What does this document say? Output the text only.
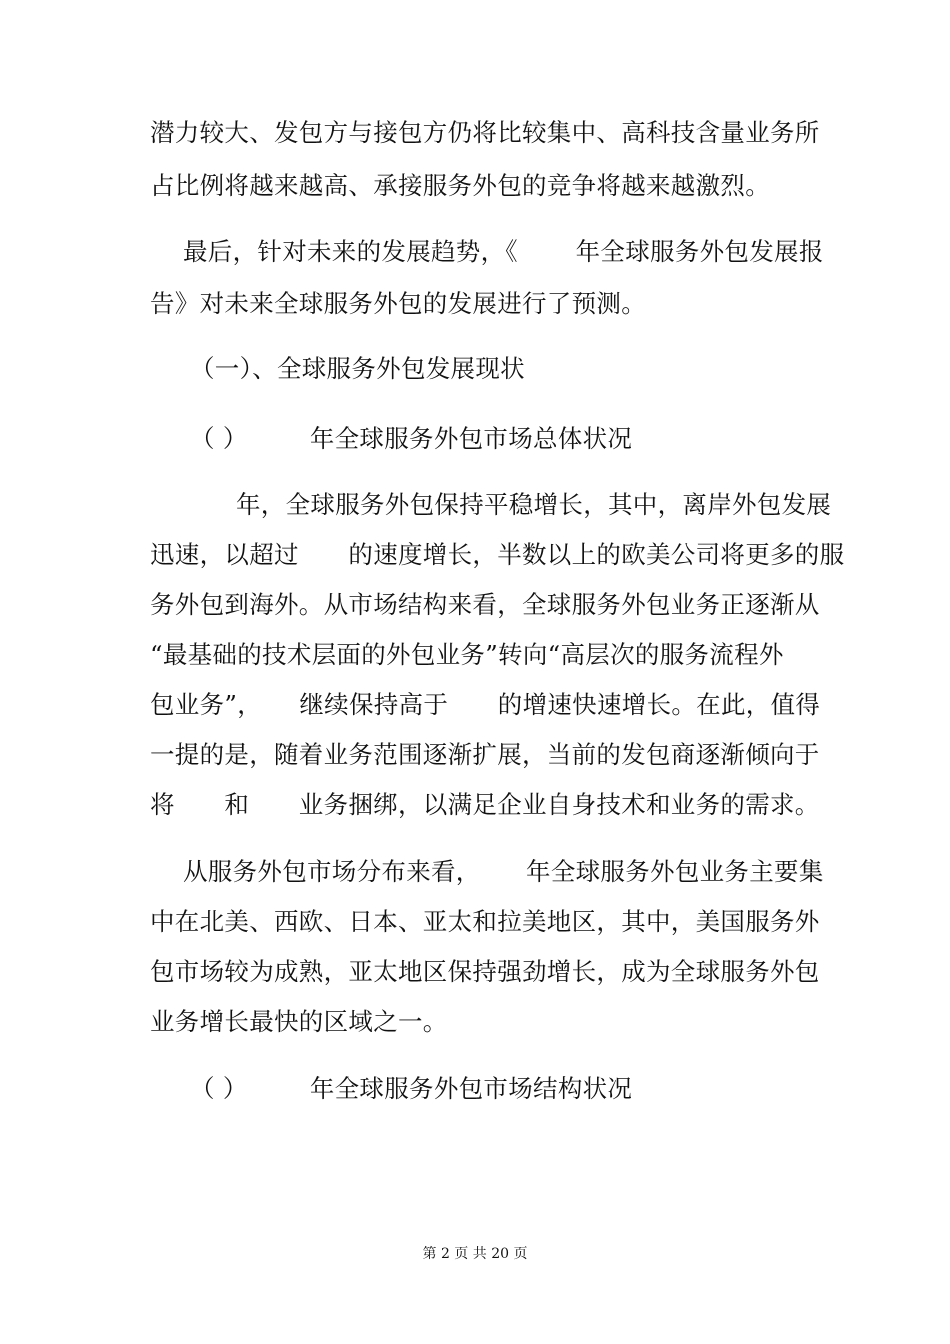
潜力较大、发包方与接包方仍将比较集中、高科技含量业务所
占比例将越来越高、承接服务外包的竞争将越来越激烈。
最后，针对未来的发展趋势，《　　 年全球服务外包发展报
告》对未来全球服务外包的发展进行了预测。
（一）、全球服务外包发展现状
（ ）　　　年全球服务外包市场总体状况
年，全球服务外包保持平稳增长，其中，离岸外包发展
迅速，以超过　　的速度增长，半数以上的欧美公司将更多的服
务外包到海外。从市场结构来看，全球服务外包业务正逐渐从
“最基础的技术层面的外包业务”转向“高层次的服务流程外
包业务”，　　继续保持高于　　的增速快速增长。在此，值得
一提的是，随着业务范围逐渐扩展，当前的发包商逐渐倾向于
将　　和　　业务捆绑，以满足企业自身技术和业务的需求。
从服务外包市场分布来看，　　 年全球服务外包业务主要集
中在北美、西欧、日本、亚太和拉美地区，其中，美国服务外
包市场较为成熟，亚太地区保持强劲增长，成为全球服务外包
业务增长最快的区域之一。
（ ）　　　年全球服务外包市场结构状况
第 2 页 共 20 页
